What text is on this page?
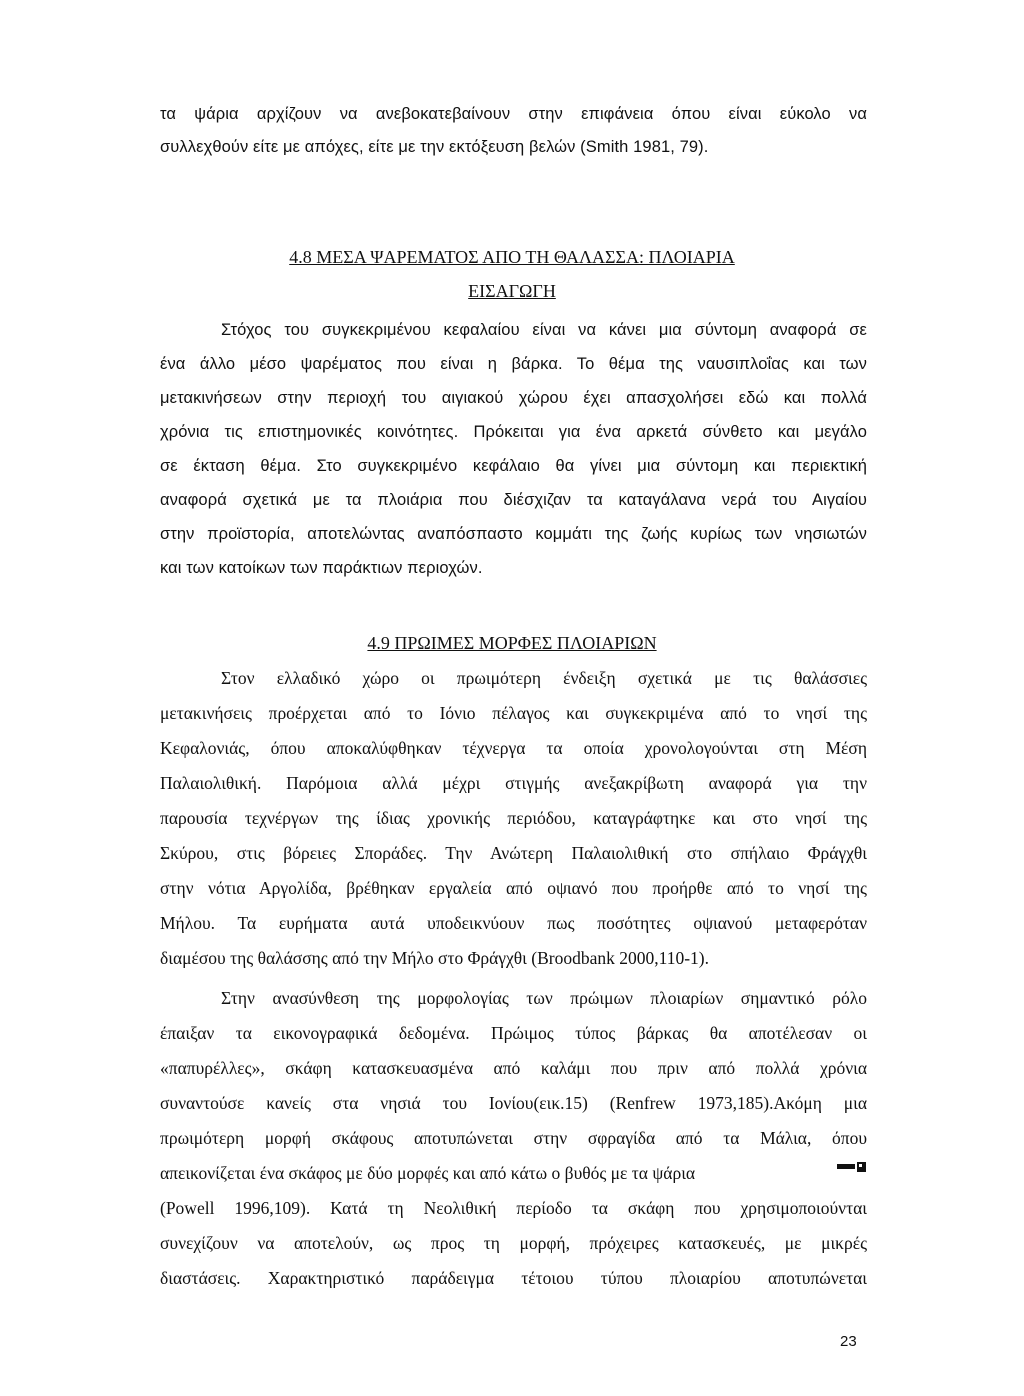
τα ψάρια αρχίζουν να ανεβοκατεβαίνουν στην επιφάνεια όπου είναι εύκολο να
συλλεχθούν είτε με απόχες, είτε με την εκτόξευση βελών (Smith 1981, 79).
4.8 ΜΕΣΑ ΨΑΡΕΜΑΤΟΣ ΑΠΟ ΤΗ ΘΑΛΑΣΣΑ: ΠΛΟΙΑΡΙΑ
ΕΙΣΑΓΩΓΗ
Στόχος του συγκεκριμένου κεφαλαίου είναι να κάνει μια σύντομη αναφορά σε
ένα άλλο μέσο ψαρέματος που είναι η βάρκα. Το θέμα της ναυσιπλοΐας και των
μετακινήσεων στην περιοχή του αιγιακού χώρου έχει απασχολήσει εδώ και πολλά
χρόνια τις επιστημονικές κοινότητες. Πρόκειται για ένα αρκετά σύνθετο και μεγάλο
σε έκταση θέμα. Στο συγκεκριμένο κεφάλαιο θα γίνει μια σύντομη και περιεκτική
αναφορά σχετικά με τα πλοιάρια που διέσχιζαν τα καταγάλανα νερά του Αιγαίου
στην προϊστορία, αποτελώντας αναπόσπαστο κομμάτι της ζωής κυρίως των νησιωτών
και των κατοίκων των παράκτιων περιοχών.
4.9 ΠΡΩΙΜΕΣ ΜΟΡΦΕΣ ΠΛΟΙΑΡΙΩΝ
Στον ελλαδικό χώρο οι πρωιμότερη ένδειξη σχετικά με τις θαλάσσιες
μετακινήσεις προέρχεται από το Ιόνιο πέλαγος και συγκεκριμένα από το νησί της
Κεφαλονιάς, όπου αποκαλύφθηκαν τέχνεργα τα οποία χρονολογούνται στη Μέση
Παλαιολιθική. Παρόμοια αλλά μέχρι στιγμής ανεξακρίβωτη αναφορά για την
παρουσία τεχνέργων της ίδιας χρονικής περιόδου, καταγράφτηκε και στο νησί της
Σκύρου, στις βόρειες Σποράδες. Την Ανώτερη Παλαιολιθική στο σπήλαιο Φράγχθι
στην νότια Αργολίδα, βρέθηκαν εργαλεία από οψιανό που προήρθε από το νησί της
Μήλου. Τα ευρήματα αυτά υποδεικνύουν πως ποσότητες οψιανού μεταφερόταν
διαμέσου της θαλάσσης από την Μήλο στο Φράγχθι (Broodbank 2000,110-1).
Στην ανασύνθεση της μορφολογίας των πρώιμων πλοιαρίων σημαντικό ρόλο
έπαιξαν τα εικονογραφικά δεδομένα. Πρώιμος τύπος βάρκας θα αποτέλεσαν οι
«παπυρέλλες», σκάφη κατασκευασμένα από καλάμι που πριν από πολλά χρόνια
συναντούσε κανείς στα νησιά του Ιονίου(εικ.15) (Renfrew 1973,185).Ακόμη μια
πρωιμότερη μορφή σκάφους αποτυπώνεται στην σφραγίδα από τα Μάλια, όπου
απεικονίζεται ένα σκάφος με δύο μορφές και από κάτω ο βυθός με τα ψάρια
(Powell 1996,109). Κατά τη Νεολιθική περίοδο τα σκάφη που χρησιμοποιούνται
συνεχίζουν να αποτελούν, ως προς τη μορφή, πρόχειρες κατασκευές, με μικρές
διαστάσεις. Χαρακτηριστικό παράδειγμα τέτοιου τύπου πλοιαρίου αποτυπώνεται
23
